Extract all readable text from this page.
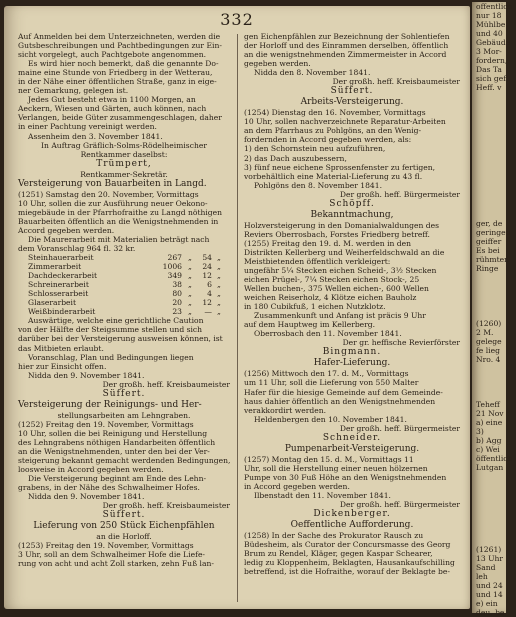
332
Auf Anmelden bei dem Unterzeichneten, werden die
Gutsbeschreibungen und Pachtbedingungen zur Ein-
sicht vorgelegt, auch Pachtgebote angenommen.
Es wird hier noch bemerkt, daß die genannte Do-
maine eine Stunde von Friedberg in der Wetterau,
in der Nähe einer öffentlichen Straße, ganz in eige-
ner Gemarkung, gelegen ist.
Jedes Gut besteht etwa in 1100 Morgen, an
Aeckern, Wiesen und Gärten, auch können, nach
Verlangen, beide Güter zusammengeschlagen, daher
in einer Pachtung vereinigt werden.
Assenheim den 3. November 1841.
In Auftrag Gräflich-Solms-Rödelheimischer
Rentkammer daselbst:
Trümpert,
Rentkammer-Sekretär.
Versteigerung von Bauarbeiten in Langd.
(1251) Samstag den 20. November, Vormittags
10 Uhr, sollen die zur Ausführung neuer Oekono-
miegebäude in der Pfarrhofraithe zu Langd nöthigen
Bauarbeiten öffentlich an die Wenigstnehmenden in
Accord gegeben werden.
Die Maurerarbeit mit Materialien beträgt nach
dem Voranschlag 964 fl. 32 kr.
Steinhauerarbeit	267 „	54 „
Zimmerarbeit	1006 „	24 „
Dachdeckerarbeit	349 „	12 „
Schreinerarbeit	38 „	6 „
Schlosserarbeit	80 „	4 „
Glaserarbeit	20 „	12 „
Weißbinderarbeit	23 „	— „
Auswärtige, welche eine gerichtliche Caution
von der Hälfte der Steigsumme stellen und sich
darüber bei der Versteigerung ausweisen können, ist
das Mitbieten erlaubt.
Voranschlag, Plan und Bedingungen liegen
hier zur Einsicht offen.
Nidda den 9. November 1841.
Der großh. heff. Kreisbaumeister
Süffert.
Versteigerung der Reinigungs- und Her-
stellungsarbeiten am Lehngraben.
(1252) Freitag den 19. November, Vormittags
10 Uhr, sollen die bei Reinigung und Herstellung
des Lehngrabens nöthigen Handarbeiten öffentlich
an die Wenigstnehmenden, unter den bei der Ver-
steigerung bekannt gemacht werdenden Bedingungen,
loosweise in Accord gegeben werden.
Die Versteigerung beginnt am Ende des Lehn-
grabens, in der Nähe des Schwalheimer Hofes.
Nidda den 9. November 1841.
Der großh. heff. Kreisbaumeister
Süffert.
Lieferung von 250 Stück Eichenpfählen
an die Horloff.
(1253) Freitag den 19. November, Vormittags
3 Uhr, soll an dem Schwalheimer Hofe die Liefe-
rung von acht und acht Zoll starken, zehn Fuß lan-
gen Eichenpfählen zur Bezeichnung der Sohlentiefen
der Horloff und des Einrammen derselben, öffentlich
an die wenigstnehmenden Zimmermeister in Accord
gegeben werden.
Nidda den 8. November 1841.
Der großh. heff. Kreisbaumeister
Süffert.
Arbeits-Versteigerung.
(1254) Dienstag den 16. November, Vormittags
10 Uhr, sollen nachverzeichnete Reparatur-Arbeiten
an dem Pfarrhaus zu Pohlgöns, an den Wenig-
fordernden in Accord gegeben werden, als:
1) den Schornstein neu aufzuführen,
2) das Dach auszubessern,
3) fünf neue eichene Sprossenfenster zu fertigen,
vorbehältlich eine Material-Lieferung zu 43 fl.
Pohlgöns den 8. November 1841.
Der großh. heff. Bürgermeister
Schöpff.
Bekanntmachung,
Holzversteigerung in den Domanialwaldungen des
Reviers Oberrosbach, Forstes Friedberg betreff.
(1255) Freitag den 19. d. M. werden in den
Distrikten Kellerberg und Weiherfeldschwald an die
Meistbietenden öffentlich verkleigert:
ungefähr 5¼ Stecken eichen Scheid-, 3½ Stecken
eichen Prügel-, 7¼ Stecken eichen Stock-, 25
Wellen buchen-, 375 Wellen eichen-, 600 Wellen
weichen Reiserholz, 4 Klötze eichen Bauholz
in 180 Cubikfuß, 1 eichen Nutzklotz.
Zusammenkunft und Anfang ist präcis 9 Uhr
auf dem Hauptweg im Kellerberg.
Oberrosbach den 11. November 1841.
Der gr. heffische Revierförster
Bingmann.
Hafer-Lieferung.
(1256) Mittwoch den 17. d. M., Vormittags
um 11 Uhr, soll die Lieferung von 550 Malter
Hafer für die hiesige Gemeinde auf dem Gemeinde-
haus dahier öffentlich an den Wenigstnehmenden
verakkordirt werden.
Heldenbergen den 10. November 1841.
Der großh. heff. Bürgermeister
Schneider.
Pumpenarbeit-Versteigerung.
(1257) Montag den 15. d. M., Vormittags 11
Uhr, soll die Herstellung einer neuen hölzernen
Pumpe von 30 Fuß Höhe an den Wenigstnehmenden
in Accord gegeben werden.
Ilbenstadt den 11. November 1841.
Der großh. heff. Bürgermeister
Dickenberger.
Oeffentliche Aufforderung.
(1258) In der Sache des Prokurator Rausch zu
Büdesheim, als Curator der Concursmasse des Georg
Brum zu Rendel, Kläger, gegen Kaspar Schearer,
ledig zu Kloppenheim, Beklagten, Hausankaufschilling
betreffend, ist die Hofraithe, worauf der Beklagte be-
offentlich
nur 18
Mühlbe
und 40
Gebäude
3 Mor-
fordern,
Das Ta
sich gef
Heff. v

ger, de
geringen
geiffer
Es bei
rühmten
Ringe

(1260)
2 M.
gelege
fe lieg
Nro. 4

Teheff
21 Nov
a) eine
3)
b) Agg
c) Wei
öffentlich
Lutgan

(1261)
13 Uhr
Sand
leh
und 24
und 14
e) ein
deu, be
